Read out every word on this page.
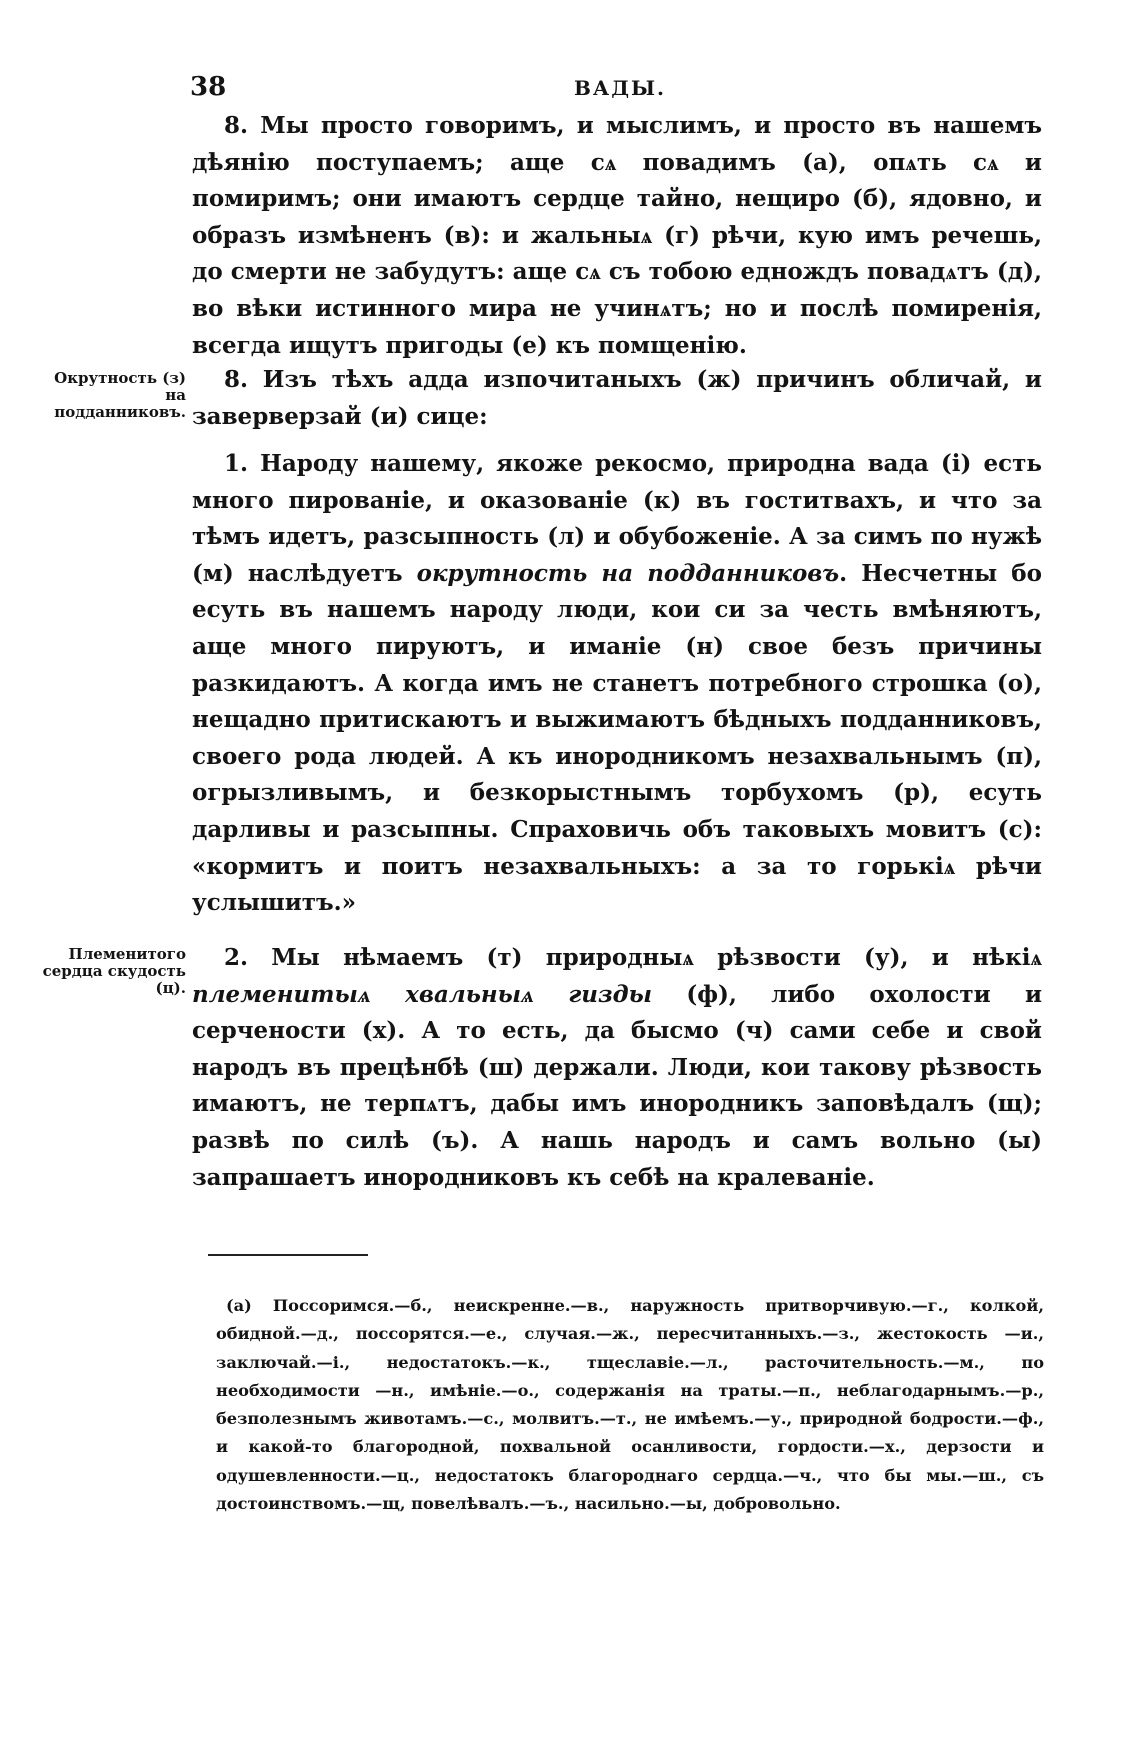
38	ВАДЫ.

8. Мы просто говоримъ, и мыслимъ, и просто въ нашемъ дѣянію поступаемъ; аще сѧ повадимъ (а), опѧть сѧ и помиримъ; они имаютъ сердце тайно, нещиро (б), ядовно, и образъ измѣненъ (в): и жальныѧ (г) рѣчи, кую имъ речешь, до смерти не забудутъ: аще сѧ съ тобою еднождъ повадѧтъ (д), во вѣки истинного мира не учинѧтъ; но и послѣ помиренія, всегда ищутъ пригоды (е) къ помщенію.

Окрутность (з) на подданниковъ.

8. Изъ тѣхъ адда изпочитаныхъ (ж) причинъ обличай, и заверверзай (и) сице:

1. Народу нашему, якоже рекосмо, природна вада (і) есть много пированіе, и оказованіе (к) въ гоститвахъ, и что за тѣмъ идетъ, разсыпность (л) и обубоженіе. А за симъ по нужѣ (м) наслѣдуетъ окрутность на подданниковъ. Несчетны бо есуть въ нашемъ народу люди, кои си за честь вмѣняютъ, аще много пируютъ, и иманіе (н) свое безъ причины разкидаютъ. А когда имъ не станетъ потребного строшка (о), нещадно притискаютъ и выжимаютъ бѣдныхъ подданниковъ, своего рода людей. А къ инородникомъ незахвальнымъ (п), огрызливымъ, и безкорыстнымъ торбухомъ (р), есуть дарливы и разсыпны. Спраховичь объ таковыхъ мовитъ (с): «кормитъ и поитъ незахвальныхъ: а за то горькіѧ рѣчи услышитъ.»

Племенитого сердца скудость (ц).

2. Мы нѣмаемъ (т) природныѧ рѣзвости (у), и нѣкіѧ племенитыѧ хвальныѧ гизды (ф), либо охолости и серчености (х). А то есть, да бысмо (ч) сами себе и свой народъ въ прецѣнбѣ (ш) держали. Люди, кои такову рѣзвость имаютъ, не терпѧтъ, дабы имъ инородникъ заповѣдалъ (щ); развѣ по силѣ (ъ). А нашь народъ и самъ вольно (ы) запрашаетъ инородниковъ къ себѣ на кралеваніе.

(а) Поссоримся.—б., неискренне.—в., наружность притворчивую.—г., колкой, обидной.—д., поссорятся.—е., случая.—ж., пересчитанныхъ.—з., жестокость —и., заключай.—і., недостатокъ.—к., тщеславіе.—л., расточительность.—м., по необходимости —н., имѣніе.—о., содержанія на траты.—п., неблагодарнымъ.—р., безполезнымъ животамъ.—с., молвитъ.—т., не имѣемъ.—у., природной бодрости.—ф., и какой-то благородной, похвальной осанливости, гордости.—х., дерзости и одушевленности.—ц., недостатокъ благороднаго сердца.—ч., что бы мы.—ш., съ достоинствомъ.—щ, повелѣвалъ.—ъ., насильно.—ы, добровольно.
